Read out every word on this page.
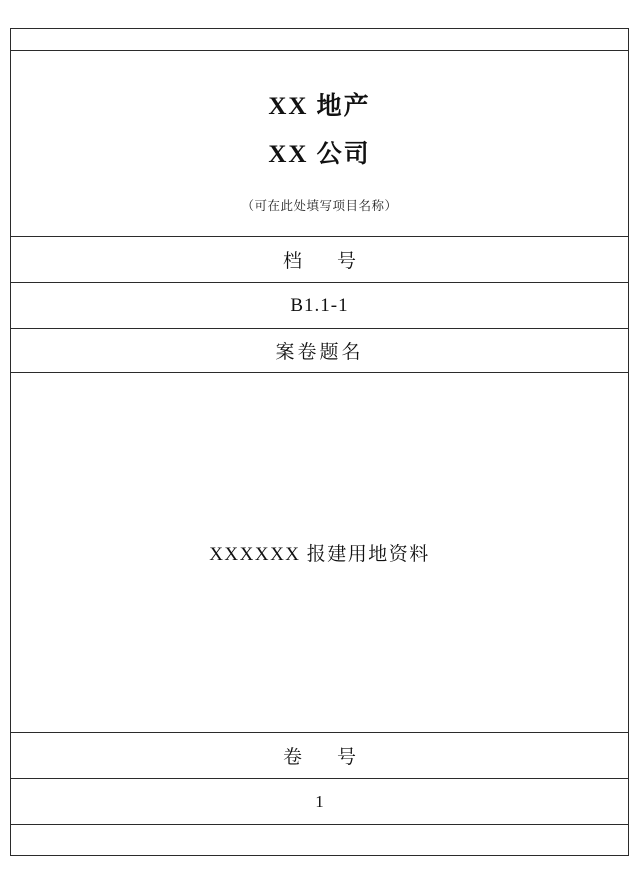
XX 地产
XX 公司
（可在此处填写项目名称）
档　号
B1.1-1
案卷题名
XXXXXX 报建用地资料
卷　号
1
